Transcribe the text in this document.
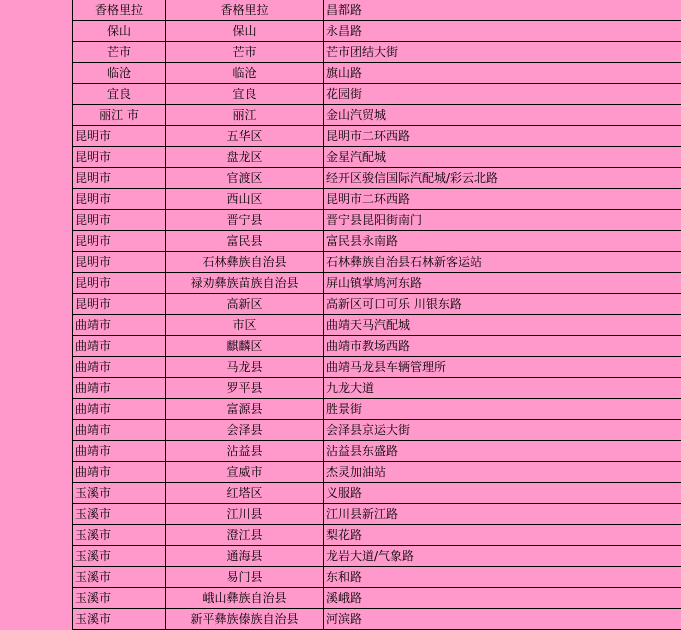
香格里拉	香格里拉	昌都路
保山	保山	永昌路
芒市	芒市	芒市团结大街
临沧	临沧	旗山路
宜良	宜良	花园街
丽江 市	丽江	金山汽贸城
昆明市	五华区	昆明市二环西路
昆明市	盘龙区	金星汽配城
昆明市	官渡区	经开区骏信国际汽配城/彩云北路
昆明市	西山区	昆明市二环西路
昆明市	晋宁县	晋宁县昆阳街南门
昆明市	富民县	富民县永南路
昆明市	石林彝族自治县	石林彝族自治县石林新客运站
昆明市	禄劝彝族苗族自治县	屏山镇掌鸠河东路
昆明市	高新区	高新区可口可乐 川银东路
曲靖市	市区	曲靖天马汽配城
曲靖市	麒麟区	曲靖市教场西路
曲靖市	马龙县	曲靖马龙县车辆管理所
曲靖市	罗平县	九龙大道
曲靖市	富源县	胜景街
曲靖市	会泽县	会泽县京运大街
曲靖市	沾益县	沾益县东盛路
曲靖市	宣威市	杰灵加油站
玉溪市	红塔区	义服路
玉溪市	江川县	江川县新江路
玉溪市	澄江县	梨花路
玉溪市	通海县	龙岩大道/气象路
玉溪市	易门县	东和路
玉溪市	峨山彝族自治县	溪峨路
玉溪市	新平彝族傣族自治县	河滨路
